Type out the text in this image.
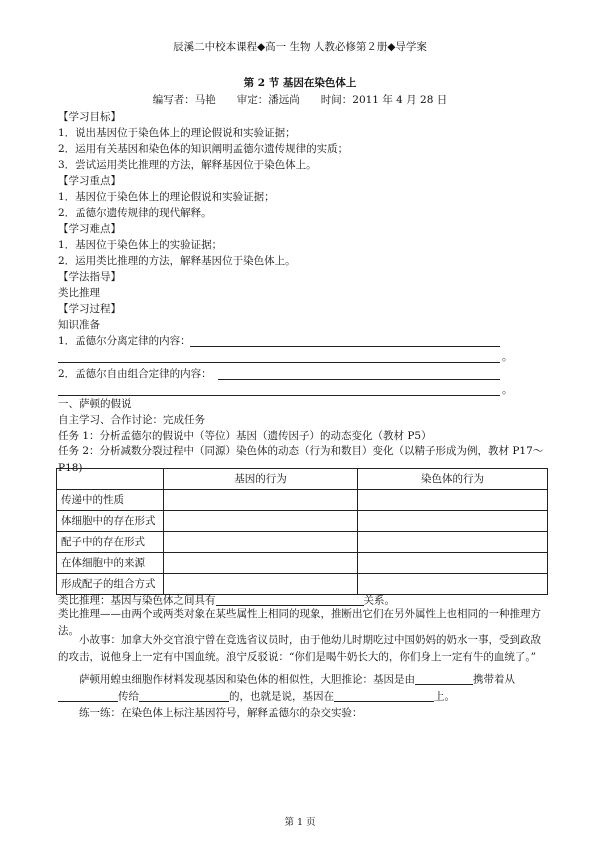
辰溪二中校本课程◆高一 生物 人教必修第２册◆导学案
第 2 节 基因在染色体上
编写者：马艳　　审定：潘远尚　　时间：2011 年 4 月 28 日
【学习目标】
1．说出基因位于染色体上的理论假说和实验证据；
2．运用有关基因和染色体的知识阐明孟德尔遗传规律的实质；
3．尝试运用类比推理的方法，解释基因位于染色体上。
【学习重点】
1．基因位于染色体上的理论假说和实验证据；
2．孟德尔遗传规律的现代解释。
【学习难点】
1．基因位于染色体上的实验证据；
2．运用类比推理的方法，解释基因位于染色体上。
【学法指导】
类比推理
【学习过程】
知识准备
1．孟德尔分离定律的内容：
。
2．孟德尔自由组合定律的内容：
。
一、萨顿的假说
自主学习、合作讨论：完成任务
任务 1：分析孟德尔的假说中（等位）基因（遗传因子）的动态变化（教材 P5）
任务 2：分析减数分裂过程中（同源）染色体的动态（行为和数目）变化（以精子形成为例，教材 P17～P18)
	基因的行为	染色体的行为
传递中的性质		
体细胞中的存在形式		
配子中的存在形式		
在体细胞中的来源		
形成配子的组合方式		
类比推理：基因与染色体之间具有	关系。
类比推理——由两个或两类对象在某些属性上相同的现象，推断出它们在另外属性上也相同的一种推理方法。
小故事：加拿大外交官浪宁曾在竞选省议员时，由于他幼儿时期吃过中国奶妈的奶水一事，受到政敌的攻击，说他身上一定有中国血统。浪宁反驳说：“你们是喝牛奶长大的，你们身上一定有牛的血统了。”
萨顿用蝗虫细胞作材料发现基因和染色体的相似性，大胆推论：基因是由	携带着从
传给	的，也就是说，基因在	上。
练一练：在染色体上标注基因符号，解释孟德尔的杂交实验：
第 1 页
